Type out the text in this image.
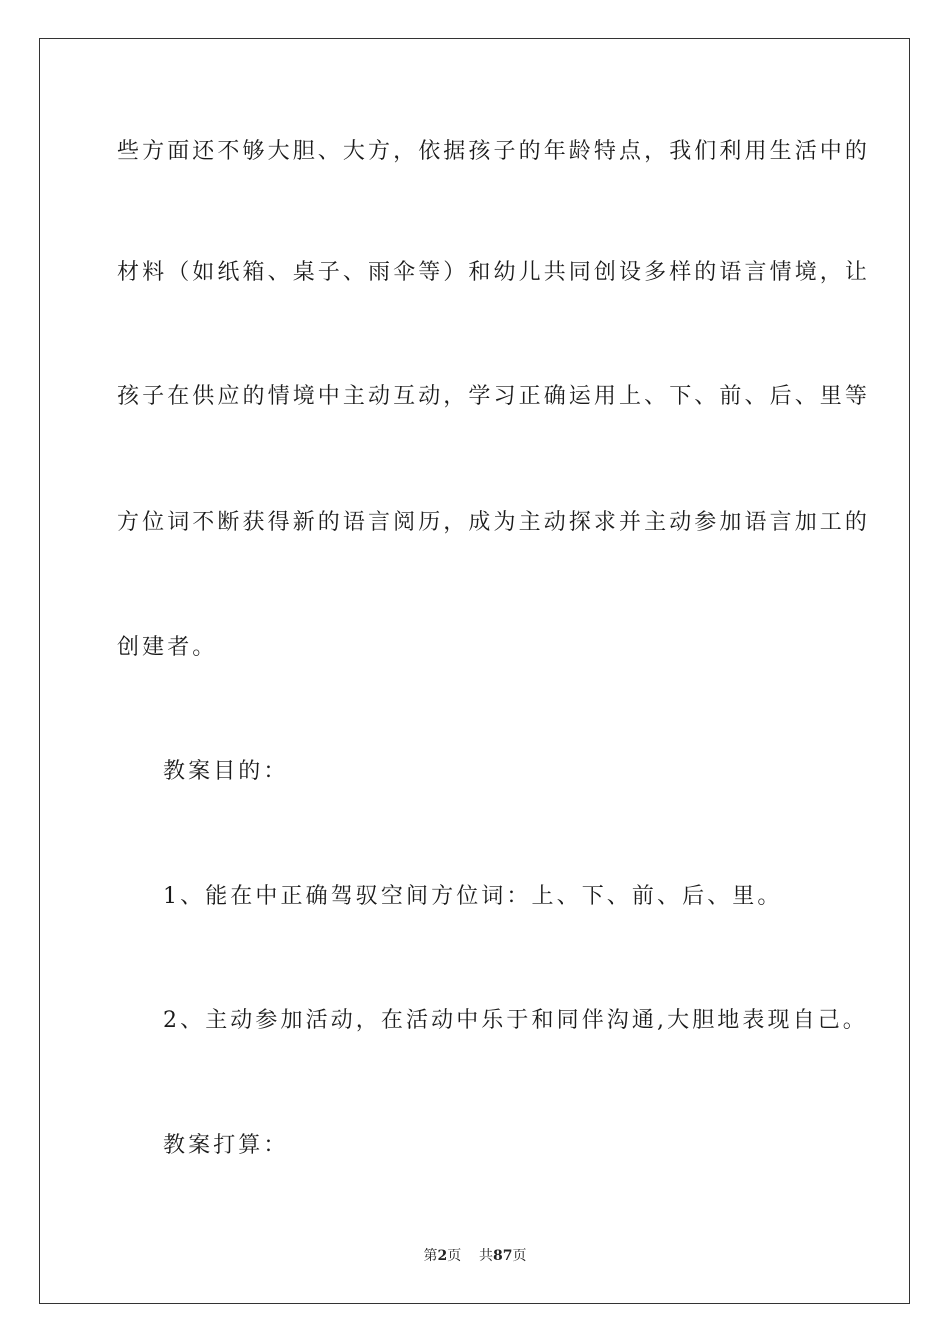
些方面还不够大胆、大方，依据孩子的年龄特点，我们利用生活中的
材料（如纸箱、桌子、雨伞等）和幼儿共同创设多样的语言情境，让
孩子在供应的情境中主动互动，学习正确运用上、下、前、后、里等
方位词不断获得新的语言阅历，成为主动探求并主动参加语言加工的
创建者。
教案目的：
1、能在中正确驾驭空间方位词：上、下、前、后、里。
2、主动参加活动，在活动中乐于和同伴沟通,大胆地表现自己。
教案打算：
第2页 共87页
